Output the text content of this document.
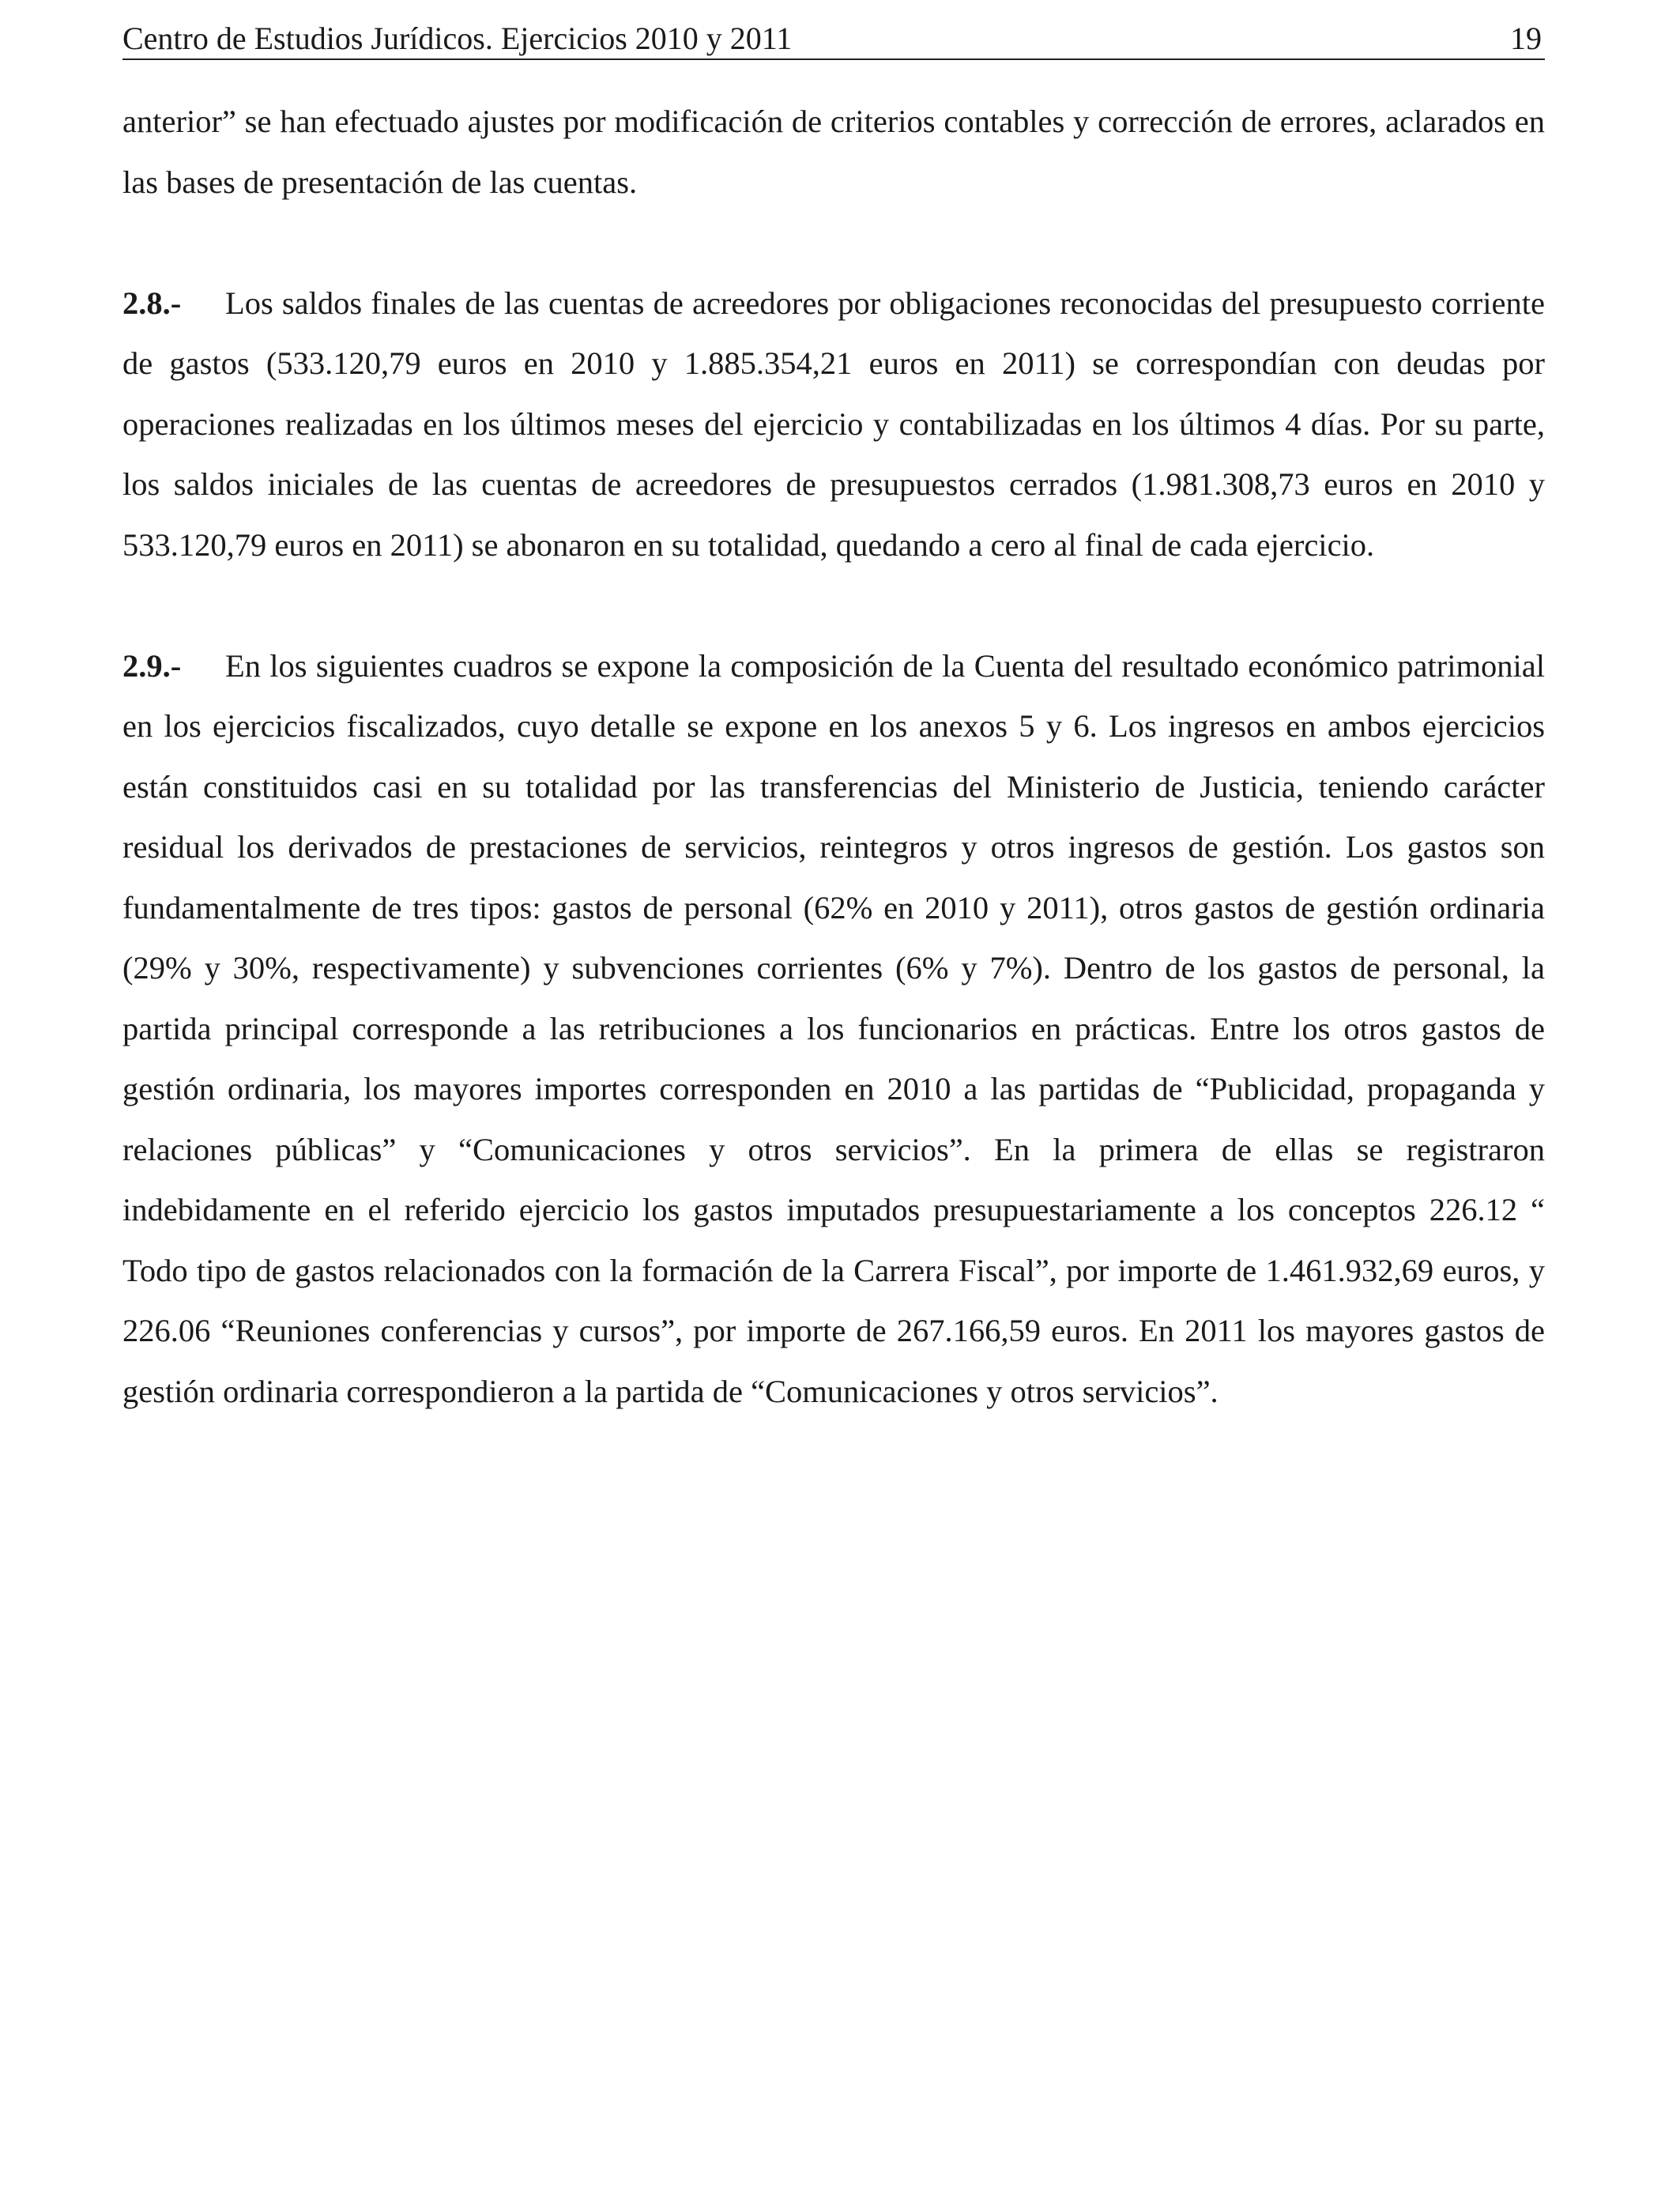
Centro de Estudios Jurídicos. Ejercicios 2010 y 2011	19

anterior” se han efectuado ajustes por modificación de criterios contables y corrección de errores, aclarados en las bases de presentación de las cuentas.

2.8.- Los saldos finales de las cuentas de acreedores por obligaciones reconocidas del presupuesto corriente de gastos (533.120,79 euros en 2010 y 1.885.354,21 euros en 2011) se correspondían con deudas por operaciones realizadas en los últimos meses del ejercicio y contabilizadas en los últimos 4 días. Por su parte, los saldos iniciales de las cuentas de acreedores de presupuestos cerrados (1.981.308,73 euros en 2010 y 533.120,79 euros en 2011) se abonaron en su totalidad, quedando a cero al final de cada ejercicio.

2.9.- En los siguientes cuadros se expone la composición de la Cuenta del resultado económico patrimonial en los ejercicios fiscalizados, cuyo detalle se expone en los anexos 5 y 6. Los ingresos en ambos ejercicios están constituidos casi en su totalidad por las transferencias del Ministerio de Justicia, teniendo carácter residual los derivados de prestaciones de servicios, reintegros y otros ingresos de gestión. Los gastos son fundamentalmente de tres tipos: gastos de personal (62% en 2010 y 2011), otros gastos de gestión ordinaria (29% y 30%, respectivamente) y subvenciones corrientes (6% y 7%). Dentro de los gastos de personal, la partida principal corresponde a las retribuciones a los funcionarios en prácticas. Entre los otros gastos de gestión ordinaria, los mayores importes corresponden en 2010 a las partidas de “Publicidad, propaganda y relaciones públicas” y “Comunicaciones y otros servicios”. En la primera de ellas se registraron indebidamente en el referido ejercicio los gastos imputados presupuestariamente a los conceptos 226.12 “ Todo tipo de gastos relacionados con la formación de la Carrera Fiscal”, por importe de 1.461.932,69 euros, y 226.06 “Reuniones conferencias y cursos”, por importe de 267.166,59 euros. En 2011 los mayores gastos de gestión ordinaria correspondieron a la partida de “Comunicaciones y otros servicios”.
